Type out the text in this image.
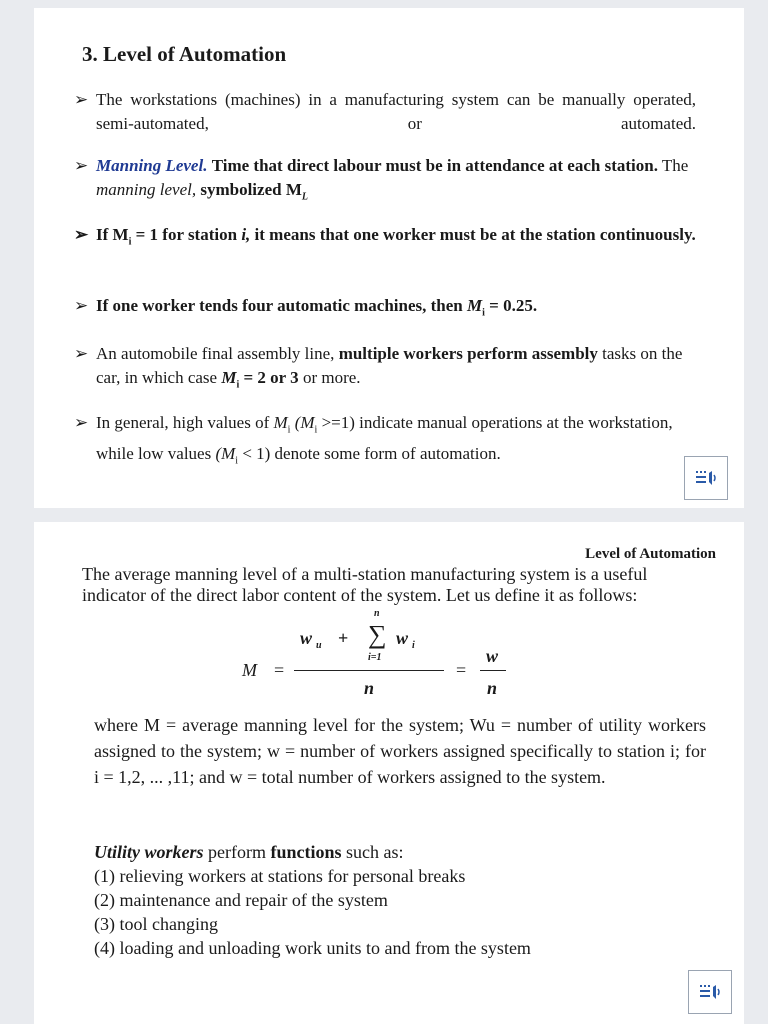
3. Level of Automation
➢ The workstations (machines) in a manufacturing system can be manually operated, semi-automated, or automated.
➢ Manning Level. Time that direct labour must be in attendance at each station. The manning level, symbolized $M_L$
➢ If $M_i = 1$ for station i, it means that one worker must be at the station continuously.
➢ If one worker tends four automatic machines, then $M_i = 0.25$.
➢ An automobile final assembly line, multiple workers perform assembly tasks on the car, in which case $M_i = 2$ or 3 or more.
➢ In general, high values of $M_i$ $(M_i >=1)$ indicate manual operations at the workstation, while low values $(M_i < 1)$ denote some form of automation.
Level of Automation
The average manning level of a multi-station manufacturing system is a useful indicator of the direct labor content of the system. Let us define it as follows:
M =
w u +
n
∑
i=1
w i
n
=
w
n
where M = average manning level for the system; Wu = number of utility workers assigned to the system; w = number of workers assigned specifically to station i; for i = 1,2, ... ,11; and w = total number of workers assigned to the system.
Utility workers perform functions such as:
(1) relieving workers at stations for personal breaks
(2) maintenance and repair of the system
(3) tool changing
(4) loading and unloading work units to and from the system
